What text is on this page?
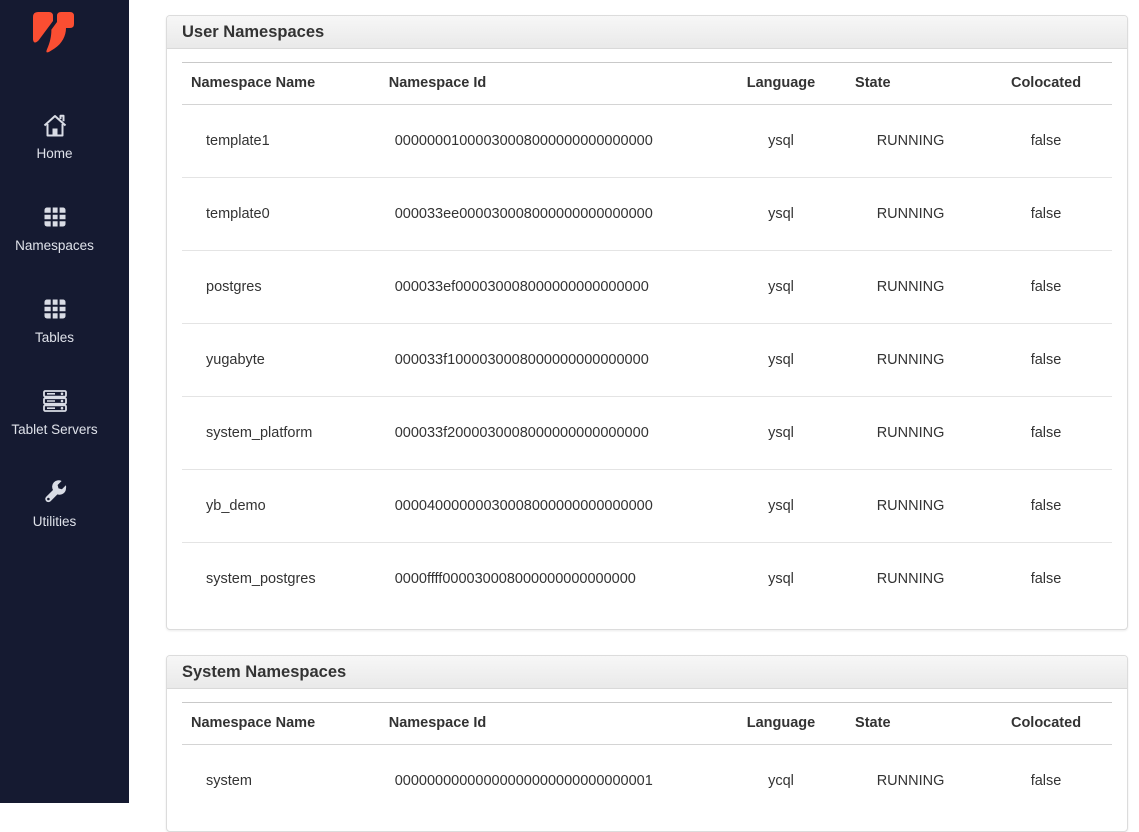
Home
Namespaces
Tables
Tablet Servers
Utilities
User Namespaces
Namespace Name	Namespace Id	Language	State	Colocated
template1	00000001000030008000000000000000	ysql	RUNNING	false
template0	000033ee000030008000000000000000	ysql	RUNNING	false
postgres	000033ef000030008000000000000000	ysql	RUNNING	false
yugabyte	000033f1000030008000000000000000	ysql	RUNNING	false
system_platform	000033f2000030008000000000000000	ysql	RUNNING	false
yb_demo	00004000000030008000000000000000	ysql	RUNNING	false
system_postgres	0000ffff000030008000000000000000	ysql	RUNNING	false
System Namespaces
Namespace Name	Namespace Id	Language	State	Colocated
system	00000000000000000000000000000001	ycql	RUNNING	false
